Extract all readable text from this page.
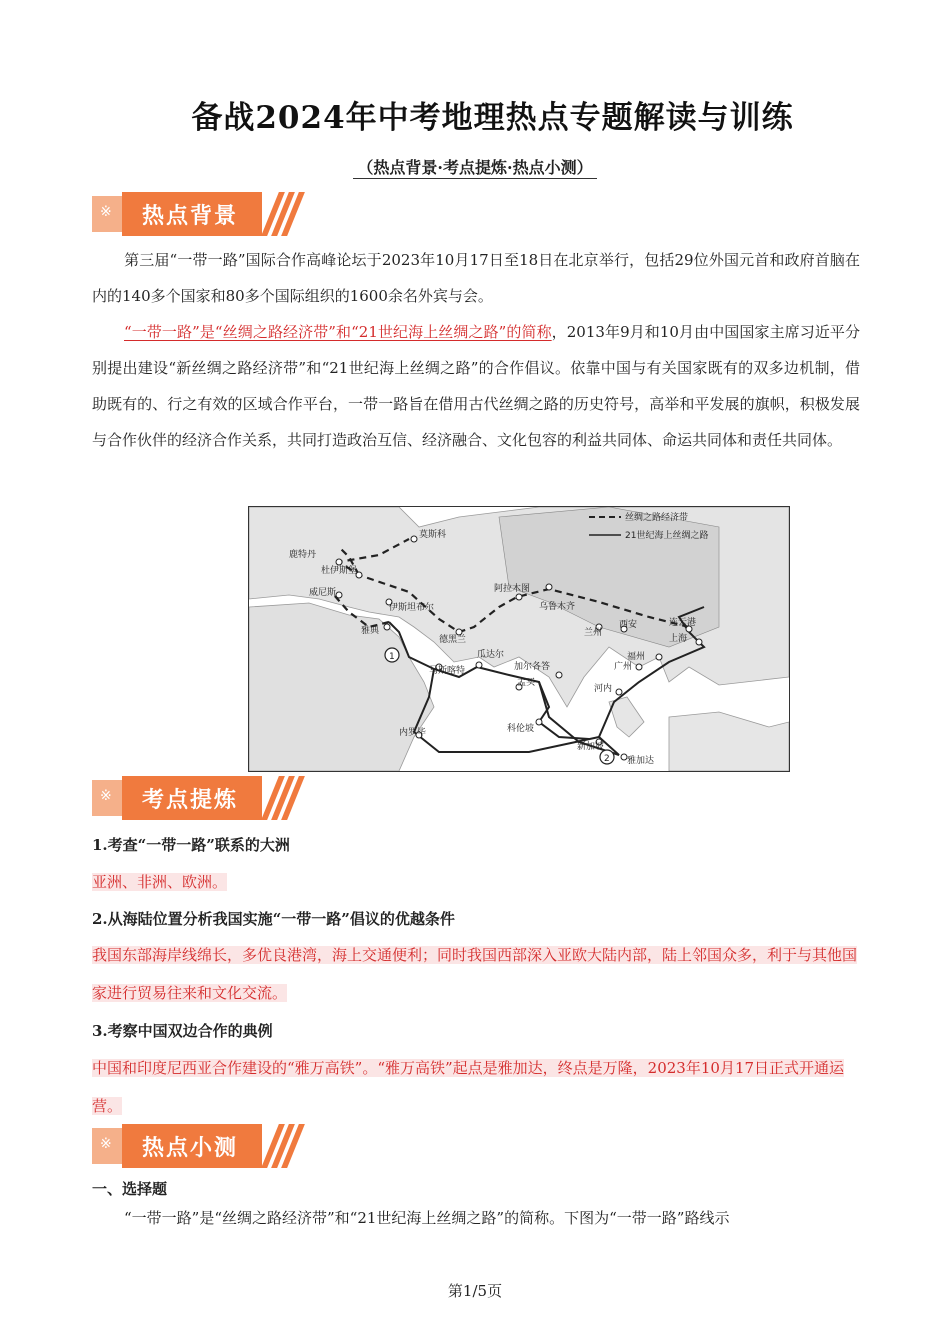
备战2024年中考地理热点专题解读与训练
（热点背景·考点提炼·热点小测）
※ 热点背景
第三届“一带一路”国际合作高峰论坛于2023年10月17日至18日在北京举行，包括29位外国元首和政府首脑在内的140多个国家和80多个国际组织的1600余名外宾与会。
“一带一路”是“丝绸之路经济带”和“21世纪海上丝绸之路”的简称，2013年9月和10月由中国国家主席习近平分别提出建设“新丝绸之路经济带”和“21世纪海上丝绸之路”的合作倡议。依靠中国与有关国家既有的双多边机制，借助既有的、行之有效的区域合作平台，一带一路旨在借用古代丝绸之路的历史符号，高举和平发展的旗帜，积极发展与合作伙伴的经济合作关系，共同打造政治互信、经济融合、文化包容的利益共同体、命运共同体和责任共同体。
丝绸之路经济带
21世纪海上丝绸之路
鹿特丹
莫斯科
杜伊斯堡
威尼斯
伊斯坦布尔
雅典
阿拉木图
乌鲁木齐
兰州
西安	连云港
上海
福州
广州
河内
德黑兰
瓜达尔
马斯喀特	加尔各答
孟买
科伦坡
内罗毕
新加坡
雅加达
1
2
※ 考点提炼
1.考查“一带一路”联系的大洲
亚洲、非洲、欧洲。
2.从海陆位置分析我国实施“一带一路”倡议的优越条件
我国东部海岸线绵长，多优良港湾，海上交通便利；同时我国西部深入亚欧大陆内部，陆上邻国众多，利于与其他国家进行贸易往来和文化交流。
3.考察中国双边合作的典例
中国和印度尼西亚合作建设的“雅万高铁”。“雅万高铁”起点是雅加达，终点是万隆，2023年10月17日正式开通运营。
※ 热点小测
一、选择题
“一带一路”是“丝绸之路经济带”和“21世纪海上丝绸之路”的简称。下图为“一带一路”路线示
第1/5页
